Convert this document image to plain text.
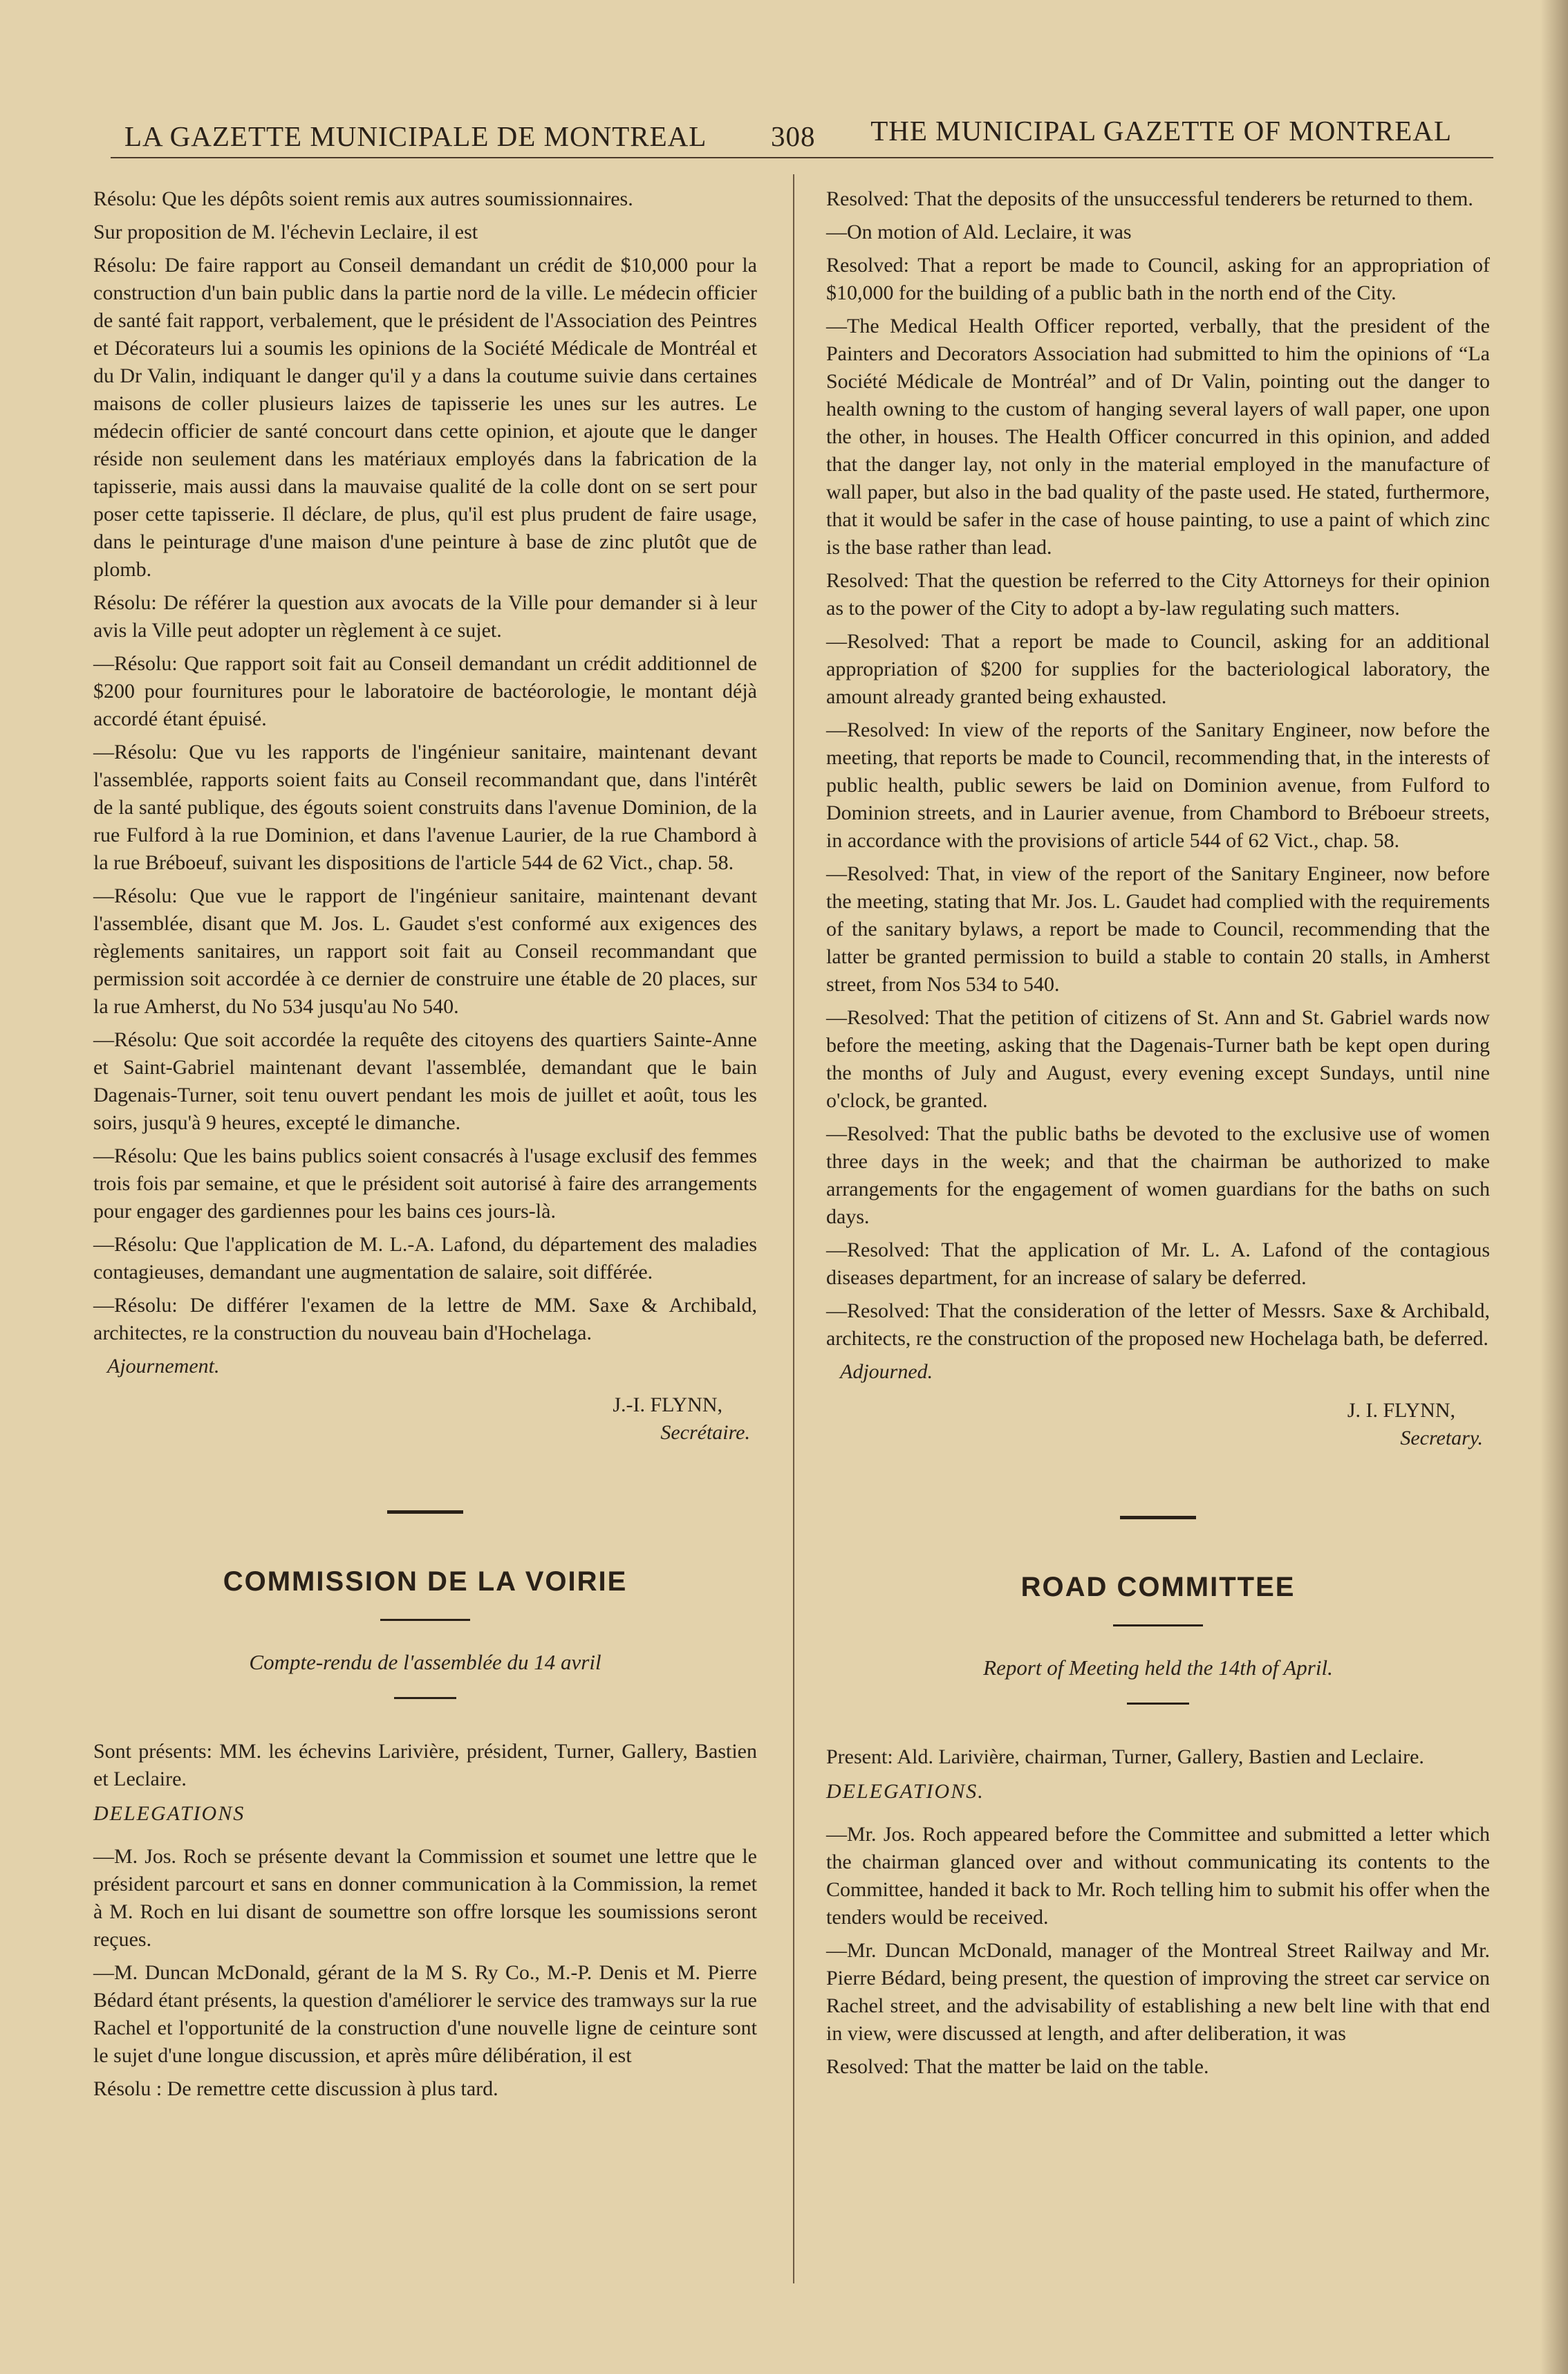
LA GAZETTE MUNICIPALE DE MONTREAL 308 THE MUNICIPAL GAZETTE OF MONTREAL

Résolu: Que les dépôts soient remis aux autres soumissionnaires.

Sur proposition de M. l'échevin Leclaire, il est

Résolu: De faire rapport au Conseil demandant un crédit de $10,000 pour la construction d'un bain public dans la partie nord de la ville. Le médecin officier de santé fait rapport, verbalement, que le président de l'Association des Peintres et Décorateurs lui a soumis les opinions de la Société Médicale de Montréal et du Dr Valin, indiquant le danger qu'il y a dans la coutume suivie dans certaines maisons de coller plusieurs laizes de tapisserie les unes sur les autres. Le médecin officier de santé concourt dans cette opinion, et ajoute que le danger réside non seulement dans les matériaux employés dans la fabrication de la tapisserie, mais aussi dans la mauvaise qualité de la colle dont on se sert pour poser cette tapisserie. Il déclare, de plus, qu'il est plus prudent de faire usage, dans le peinturage d'une maison d'une peinture à base de zinc plutôt que de plomb.

Résolu: De référer la question aux avocats de la Ville pour demander si à leur avis la Ville peut adopter un règlement à ce sujet.

—Résolu: Que rapport soit fait au Conseil demandant un crédit additionnel de $200 pour fournitures pour le laboratoire de bactéorologie, le montant déjà accordé étant épuisé.

—Résolu: Que vu les rapports de l'ingénieur sanitaire, maintenant devant l'assemblée, rapports soient faits au Conseil recommandant que, dans l'intérêt de la santé publique, des égouts soient construits dans l'avenue Dominion, de la rue Fulford à la rue Dominion, et dans l'avenue Laurier, de la rue Chambord à la rue Bréboeuf, suivant les dispositions de l'article 544 de 62 Vict., chap. 58.

—Résolu: Que vue le rapport de l'ingénieur sanitaire, maintenant devant l'assemblée, disant que M. Jos. L. Gaudet s'est conformé aux exigences des règlements sanitaires, un rapport soit fait au Conseil recommandant que permission soit accordée à ce dernier de construire une étable de 20 places, sur la rue Amherst, du No 534 jusqu'au No 540.

—Résolu: Que soit accordée la requête des citoyens des quartiers Sainte-Anne et Saint-Gabriel maintenant devant l'assemblée, demandant que le bain Dagenais-Turner, soit tenu ouvert pendant les mois de juillet et août, tous les soirs, jusqu'à 9 heures, excepté le dimanche.

—Résolu: Que les bains publics soient consacrés à l'usage exclusif des femmes trois fois par semaine, et que le président soit autorisé à faire des arrangements pour engager des gardiennes pour les bains ces jours-là.

—Résolu: Que l'application de M. L.-A. Lafond, du département des maladies contagieuses, demandant une augmentation de salaire, soit différée.

—Résolu: De différer l'examen de la lettre de MM. Saxe & Archibald, architectes, re la construction du nouveau bain d'Hochelaga.

Ajournement.
J.-I. FLYNN,
Secrétaire.
COMMISSION DE LA VOIRIE
Compte-rendu de l'assemblée du 14 avril

Sont présents: MM. les échevins Larivière, président, Turner, Gallery, Bastien et Leclaire.

DELEGATIONS

—M. Jos. Roch se présente devant la Commission et soumet une lettre que le président parcourt et sans en donner communication à la Commission, la remet à M. Roch en lui disant de soumettre son offre lorsque les soumissions seront reçues.

—M. Duncan McDonald, gérant de la M S. Ry Co., M.-P. Denis et M. Pierre Bédard étant présents, la question d'améliorer le service des tramways sur la rue Rachel et l'opportunité de la construction d'une nouvelle ligne de ceinture sont le sujet d'une longue discussion, et après mûre délibération, il est

Résolu : De remettre cette discussion à plus tard.

Resolved: That the deposits of the unsuccessful tenderers be returned to them.

—On motion of Ald. Leclaire, it was

Resolved: That a report be made to Council, asking for an appropriation of $10,000 for the building of a public bath in the north end of the City.

—The Medical Health Officer reported, verbally, that the president of the Painters and Decorators Association had submitted to him the opinions of “La Société Médicale de Montréal” and of Dr Valin, pointing out the danger to health owning to the custom of hanging several layers of wall paper, one upon the other, in houses. The Health Officer concurred in this opinion, and added that the danger lay, not only in the material employed in the manufacture of wall paper, but also in the bad quality of the paste used. He stated, furthermore, that it would be safer in the case of house painting, to use a paint of which zinc is the base rather than lead.

Resolved: That the question be referred to the City Attorneys for their opinion as to the power of the City to adopt a by-law regulating such matters.

—Resolved: That a report be made to Council, asking for an additional appropriation of $200 for supplies for the bacteriological laboratory, the amount already granted being exhausted.

—Resolved: In view of the reports of the Sanitary Engineer, now before the meeting, that reports be made to Council, recommending that, in the interests of public health, public sewers be laid on Dominion avenue, from Fulford to Dominion streets, and in Laurier avenue, from Chambord to Bréboeur streets, in accordance with the provisions of article 544 of 62 Vict., chap. 58.

—Resolved: That, in view of the report of the Sanitary Engineer, now before the meeting, stating that Mr. Jos. L. Gaudet had complied with the requirements of the sanitary bylaws, a report be made to Council, recommending that the latter be granted permission to build a stable to contain 20 stalls, in Amherst street, from Nos 534 to 540.

—Resolved: That the petition of citizens of St. Ann and St. Gabriel wards now before the meeting, asking that the Dagenais-Turner bath be kept open during the months of July and August, every evening except Sundays, until nine o'clock, be granted.

—Resolved: That the public baths be devoted to the exclusive use of women three days in the week; and that the chairman be authorized to make arrangements for the engagement of women guardians for the baths on such days.

—Resolved: That the application of Mr. L. A. Lafond of the contagious diseases department, for an increase of salary be deferred.

—Resolved: That the consideration of the letter of Messrs. Saxe & Archibald, architects, re the construction of the proposed new Hochelaga bath, be deferred.

Adjourned.
J. I. FLYNN,
Secretary.
ROAD COMMITTEE
Report of Meeting held the 14th of April.

Present: Ald. Larivière, chairman, Turner, Gallery, Bastien and Leclaire.

DELEGATIONS.

—Mr. Jos. Roch appeared before the Committee and submitted a letter which the chairman glanced over and without communicating its contents to the Committee, handed it back to Mr. Roch telling him to submit his offer when the tenders would be received.

—Mr. Duncan McDonald, manager of the Montreal Street Railway and Mr. Pierre Bédard, being present, the question of improving the street car service on Rachel street, and the advisability of establishing a new belt line with that end in view, were discussed at length, and after deliberation, it was

Resolved: That the matter be laid on the table.
